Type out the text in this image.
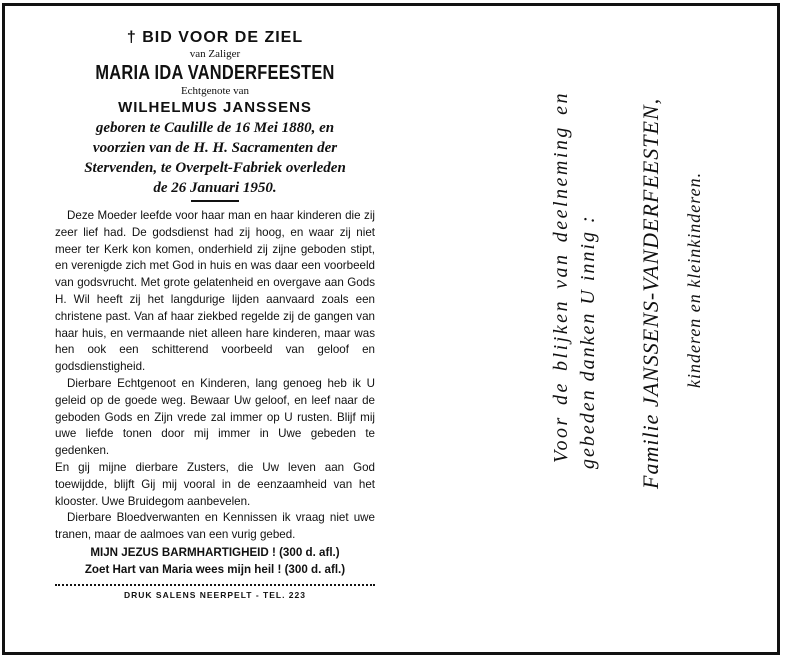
† BID VOOR DE ZIEL
van Zaliger
MARIA IDA VANDERFEESTEN
Echtgenote van
WILHELMUS JANSSENS
geboren te Caulille de 16 Mei 1880, en
voorzien van de H. H. Sacramenten der
Stervenden, te Overpelt-Fabriek overleden
de 26 Januari 1950.
Deze Moeder leefde voor haar man en haar kinderen die zij zeer lief had. De godsdienst had zij hoog, en waar zij niet meer ter Kerk kon komen, onderhield zij zijne geboden stipt, en verenigde zich met God in huis en was daar een voorbeeld van godsvrucht. Met grote gelatenheid en overgave aan Gods H. Wil heeft zij het langdurige lijden aanvaard zoals een christene past. Van af haar ziekbed regelde zij de gangen van haar huis, en vermaande niet alleen hare kinderen, maar was hen ook een schitterend voorbeeld van geloof en godsdienstigheid.
Dierbare Echtgenoot en Kinderen, lang genoeg heb ik U geleid op de goede weg. Bewaar Uw geloof, en leef naar de geboden Gods en Zijn vrede zal immer op U rusten. Blijf mij uwe liefde tonen door mij immer in Uwe gebeden te gedenken.
En gij mijne dierbare Zusters, die Uw leven aan God toewijdde, blijft Gij mij vooral in de eenzaamheid van het klooster. Uwe Bruidegom aanbevelen.
Dierbare Bloedverwanten en Kennissen ik vraag niet uwe tranen, maar de aalmoes van een vurig gebed.
MIJN JEZUS BARMHARTIGHEID ! (300 d. afl.)
Zoet Hart van Maria wees mijn heil ! (300 d. afl.)
DRUK SALENS NEERPELT - TEL. 223
Voor de blijken van deelneming en gebeden danken U innig : Familie JANSSENS-VANDERFEESTEN, kinderen en kleinkinderen.
